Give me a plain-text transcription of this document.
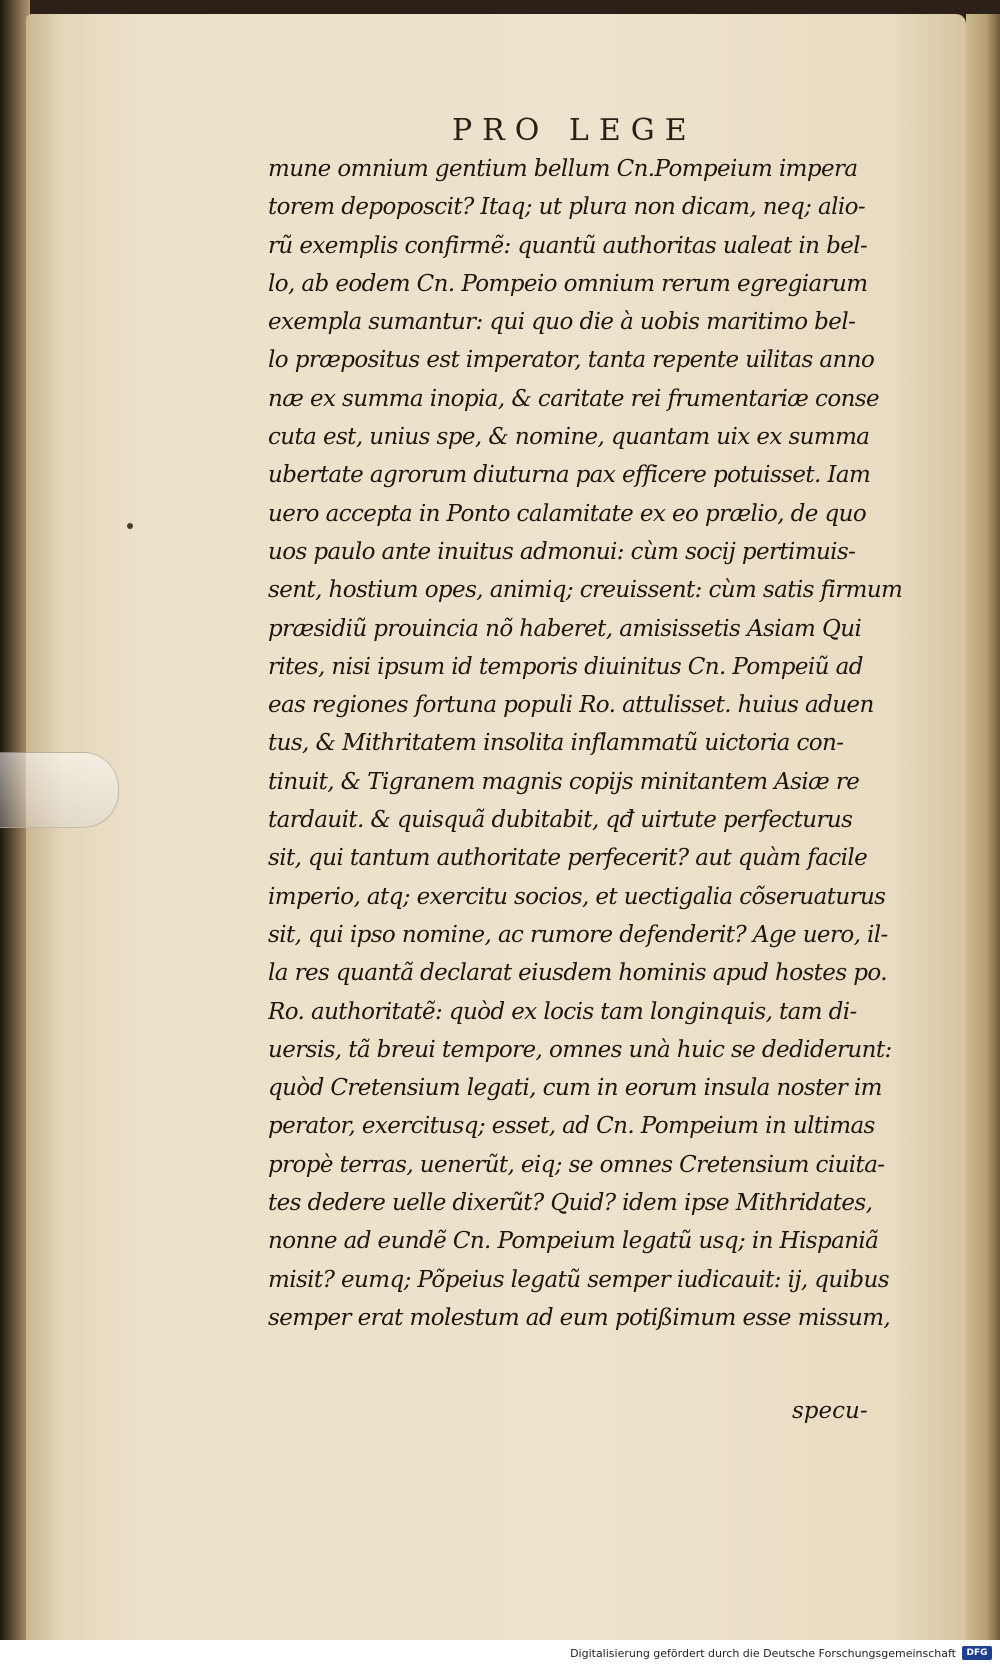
PRO LEGE
mune omnium gentium bellum Cn.Pompeium impera
torem depoposcit? Itaq; ut plura non dicam, neq; alio-
rũ exemplis confirmẽ: quantũ authoritas ualeat in bel-
lo, ab eodem Cn. Pompeio omnium rerum egregiarum
exempla sumantur: qui quo die à uobis maritimo bel-
lo præpositus est imperator, tanta repente uilitas anno
næ ex summa inopia, & caritate rei frumentariæ conse
cuta est, unius spe, & nomine, quantam uix ex summa
ubertate agrorum diuturna pax efficere potuisset. Iam
uero accepta in Ponto calamitate ex eo prælio, de quo
uos paulo ante inuitus admonui: cùm socij pertimuis-
sent, hostium opes, animiq; creuissent: cùm satis firmum
præsidiũ prouincia nõ haberet, amisissetis Asiam Qui
rites, nisi ipsum id temporis diuinitus Cn. Pompeiũ ad
eas regiones fortuna populi Ro. attulisset. huius aduen
tus, & Mithritatem insolita inflammatũ uictoria con-
tinuit, & Tigranem magnis copijs minitantem Asiæ re
tardauit. & quisquã dubitabit, qđ uirtute perfecturus
sit, qui tantum authoritate perfecerit? aut quàm facile
imperio, atq; exercitu socios, et uectigalia cõseruaturus
sit, qui ipso nomine, ac rumore defenderit? Age uero, il-
la res quantã declarat eiusdem hominis apud hostes po.
Ro. authoritatẽ: quòd ex locis tam longinquis, tam di-
uersis, tã breui tempore, omnes unà huic se dediderunt:
quòd Cretensium legati, cum in eorum insula noster im
perator, exercitusq; esset, ad Cn. Pompeium in ultimas
propè terras, uenerũt, eiq; se omnes Cretensium ciuita-
tes dedere uelle dixerũt? Quid? idem ipse Mithridates,
nonne ad eundẽ Cn. Pompeium legatũ usq; in Hispaniã
misit? eumq; Põpeius legatũ semper iudicauit: ij, quibus
semper erat molestum ad eum potißimum esse missum,
specu-
Digitalisierung gefördert durch die Deutsche Forschungsgemeinschaft	DFG
